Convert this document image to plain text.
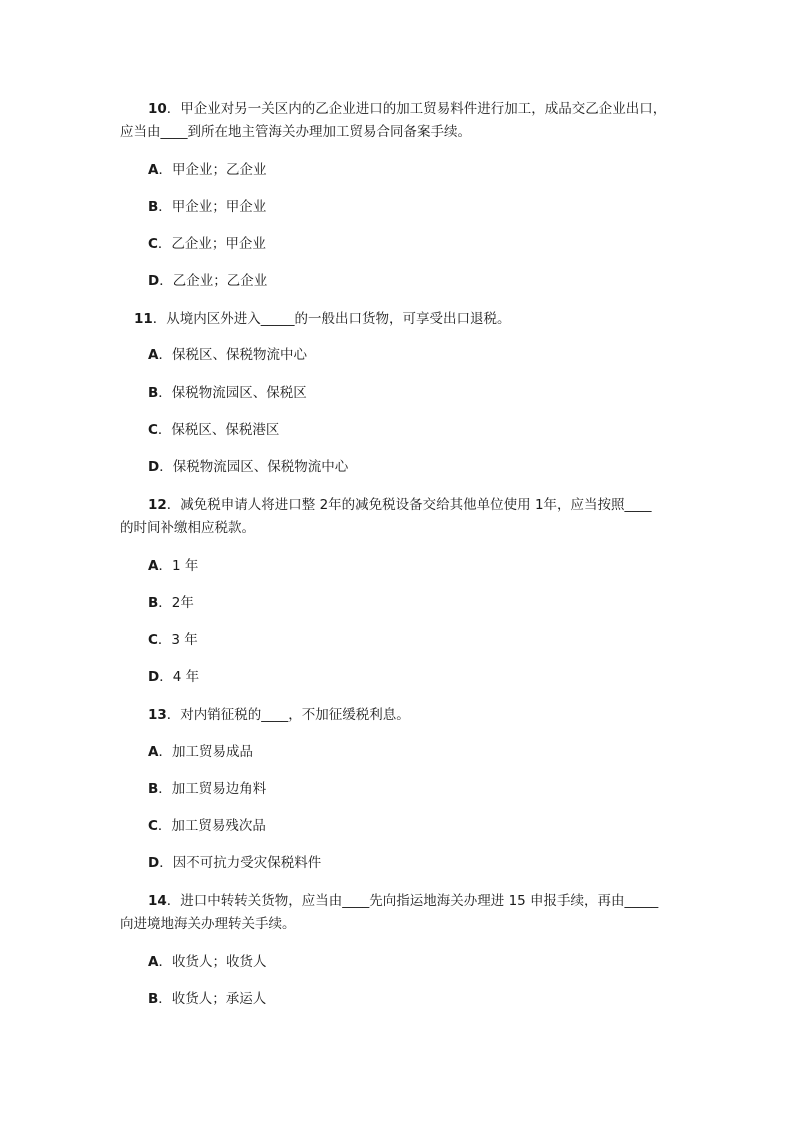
10．甲企业对另一关区内的乙企业进口的加工贸易料件进行加工，成品交乙企业出口，
应当由____到所在地主管海关办理加工贸易合同备案手续。
A．甲企业；乙企业
B．甲企业；甲企业
C．乙企业；甲企业
D．乙企业；乙企业
11．从境内区外进入_____的一般出口货物，可享受出口退税。
A．保税区、保税物流中心
B．保税物流园区、保税区
C．保税区、保税港区
D．保税物流园区、保税物流中心
12．减免税申请人将进口整 2年的减免税设备交给其他单位使用 1年，应当按照____
的时间补缴相应税款。
A．1 年
B．2年
C．3 年
D．4 年
13．对内销征税的____，不加征缓税利息。
A．加工贸易成品
B．加工贸易边角料
C．加工贸易残次品
D．因不可抗力受灾保税料件
14．进口中转转关货物，应当由____先向指运地海关办理进 15 申报手续，再由_____
向进境地海关办理转关手续。
A．收货人；收货人
B．收货人；承运人
